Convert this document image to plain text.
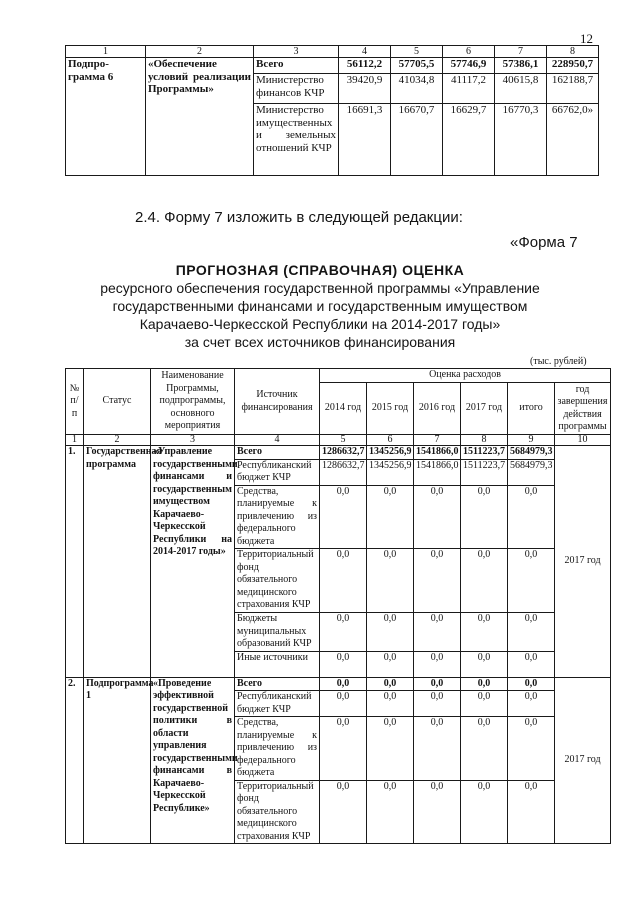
12
1	2	3	4	5	6	7	8
Подпро-грамма 6	«Обеспечение условий реализации Программы»	Всего	56112,2	57705,5	57746,9	57386,1	228950,7
		Министерство финансов КЧР	39420,9	41034,8	41117,2	40615,8	162188,7
		Министерство имущественных и земельных отношений КЧР	16691,3	16670,7	16629,7	16770,3	66762,0»
2.4. Форму 7 изложить в следующей редакции:
«Форма 7
ПРОГНОЗНАЯ (СПРАВОЧНАЯ) ОЦЕНКА
ресурсного обеспечения государственной программы «Управление
государственными финансами и государственным имуществом
Карачаево-Черкесской Республики на 2014-2017 годы»
за счет всех источников финансирования
(тыс. рублей)
№ п/п	Статус	Наименование Программы, подпрограммы, основного мероприятия	Источник финансирования	Оценка расходов					
				2014 год	2015 год	2016 год	2017 год	итого	год завершения действия программы
1	2	3	4	5	6	7	8	9	10
1.	Государственная программа	«Управление государственными финансами и государственным имуществом Карачаево-Черкесской Республики на 2014-2017 годы»	Всего	1286632,7	1345256,9	1541866,0	1511223,7	5684979,3	2017 год
			Республиканский бюджет КЧР	1286632,7	1345256,9	1541866,0	1511223,7	5684979,3	
			Средства, планируемые к привлечению из федерального бюджета	0,0	0,0	0,0	0,0	0,0	
			Территориальный фонд обязательного медицинского страхования КЧР	0,0	0,0	0,0	0,0	0,0	
			Бюджеты муниципальных образований КЧР	0,0	0,0	0,0	0,0	0,0	
			Иные источники	0,0	0,0	0,0	0,0	0,0	
2.	Подпрограмма 1	«Проведение эффективной государственной политики в области управления государственными финансами в Карачаево-Черкесской Республике»	Всего	0,0	0,0	0,0	0,0	0,0	2017 год
			Республиканский бюджет КЧР	0,0	0,0	0,0	0,0	0,0	
			Средства, планируемые к привлечению из федерального бюджета	0,0	0,0	0,0	0,0	0,0	
			Территориальный фонд обязательного медицинского страхования КЧР	0,0	0,0	0,0	0,0	0,0	
